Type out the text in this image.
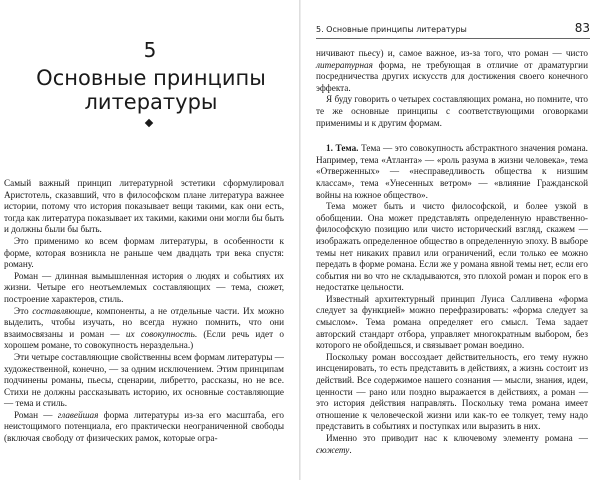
5
Основные принципы литературы

Самый важный принцип литературной эстетики сформулировал Аристотель, сказавший, что в философском плане литература важнее истории, потому что история показывает вещи такими, как они есть, тогда как литература показывает их такими, какими они могли бы быть и должны были бы быть.

Это применимо ко всем формам литературы, в особенности к форме, которая возникла не раньше чем двадцать три века спустя: роману.

Роман — длинная вымышленная история о людях и событиях их жизни. Четыре его неотъемлемых составляющих — тема, сюжет, построение характеров, стиль.

Это составляющие, компоненты, а не отдельные части. Их можно выделить, чтобы изучать, но всегда нужно помнить, что они взаимосвязаны и роман — их совокупность. (Если речь идет о хорошем романе, то совокупность нераздельна.)

Эти четыре составляющие свойственны всем формам литературы — художественной, конечно, — за одним исключением. Этим принципам подчинены романы, пьесы, сценарии, либретто, рассказы, но не все. Стихи не должны рассказывать историю, их основные составляющие — тема и стиль.

Роман — главейшая форма литературы из-за его масштаба, его неистощимого потенциала, его практически неограниченной свободы (включая свободу от физических рамок, которые огра-

5. Основные принципы литературы	83

ничивают пьесу) и, самое важное, из-за того, что роман — чисто литературная форма, не требующая в отличие от драматургии посредничества других искусств для достижения своего конечного эффекта.

Я буду говорить о четырех составляющих романа, но помните, что те же основные принципы с соответствующими оговорками применимы и к другим формам.

1. Тема. Тема — это совокупность абстрактного значения романа. Например, тема «Атланта» — «роль разума в жизни человека», тема «Отверженных» — «несправедливость общества к низшим классам», тема «Унесенных ветром» — «влияние Гражданской войны на южное общество».

Тема может быть и чисто философской, и более узкой в обобщении. Она может представлять определенную нравственно-философскую позицию или чисто исторический взгляд, скажем — изображать определенное общество в определенную эпоху. В выборе темы нет никаких правил или ограничений, если только ее можно передать в форме романа. Если же у романа явной темы нет, если его события ни во что не складываются, это плохой роман и порок его в недостатке цельности.

Известный архитектурный принцип Луиса Салливена «форма следует за функцией» можно перефразировать: «форма следует за смыслом». Тема романа определяет его смысл. Тема задает авторский стандарт отбора, управляет многократным выбором, без которого не обойдешься, и связывает роман воедино.

Поскольку роман воссоздает действительность, его тему нужно инсценировать, то есть представить в действиях, а жизнь состоит из действий. Все содержимое нашего сознания — мысли, знания, идеи, ценности — рано или поздно выражается в действиях, а роман — это история действия направлять. Поскольку тема романа имеет отношение к человеческой жизни или как-то ее толкует, тему надо представить в событиях и поступках или выразить в них.

Именно это приводит нас к ключевому элементу романа — сюжету.
